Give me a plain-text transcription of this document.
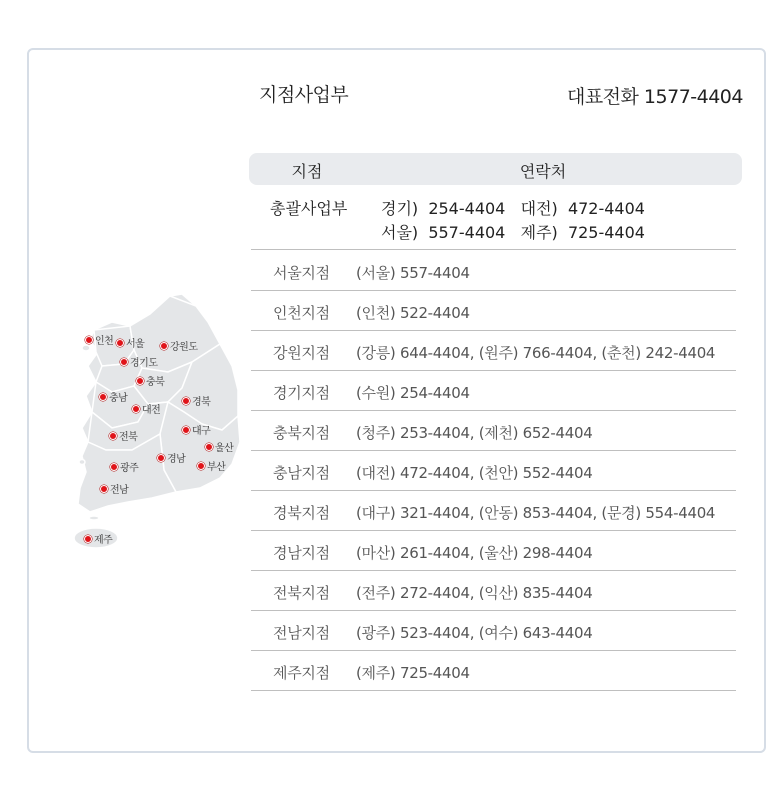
지점사업부	대표전화 1577-4404
인천 서울	강원도
경기도
충북
충남
대전
경북
전북
대구
울산
경남
광주	부산
전남
제주
지점	연락처
총괄사업부 경기)  254-4404   대전)  472-4404
서울)  557-4404   제주)  725-4404
서울지점 (서울) 557-4404
인천지점 (인천) 522-4404
강원지점 (강릉) 644-4404, (원주) 766-4404, (춘천) 242-4404
경기지점 (수원) 254-4404
충북지점 (청주) 253-4404, (제천) 652-4404
충남지점 (대전) 472-4404, (천안) 552-4404
경북지점 (대구) 321-4404, (안동) 853-4404, (문경) 554-4404
경남지점 (마산) 261-4404, (울산) 298-4404
전북지점 (전주) 272-4404, (익산) 835-4404
전남지점 (광주) 523-4404, (여수) 643-4404
제주지점 (제주) 725-4404
